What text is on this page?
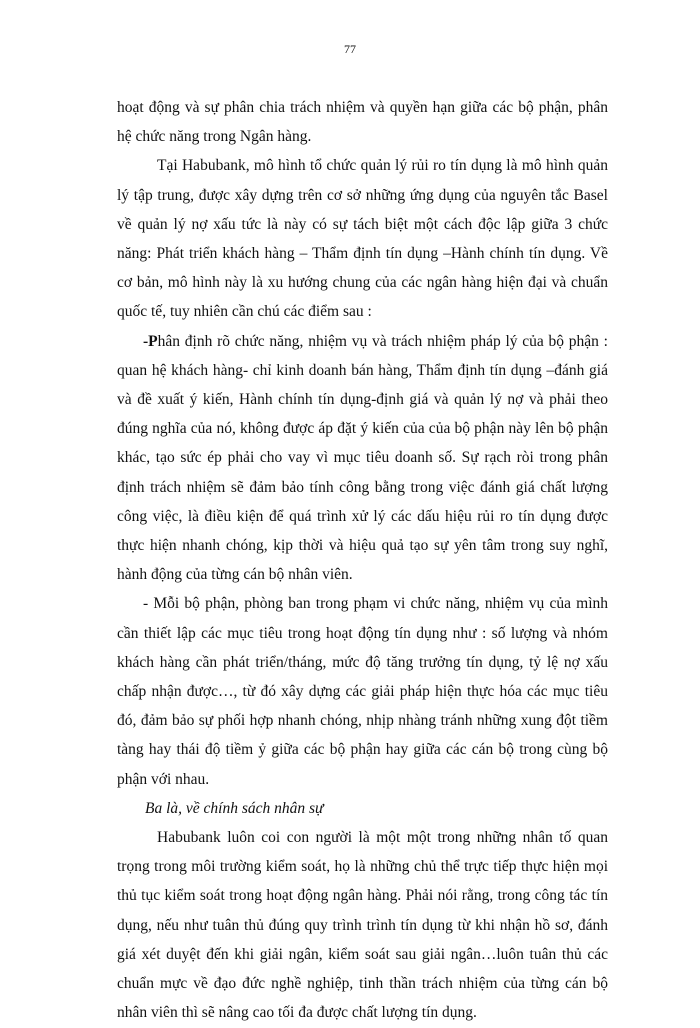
77

hoạt động và sự phân chia trách nhiệm và quyền hạn giữa các bộ phận, phân hệ chức năng trong Ngân hàng.

Tại Habubank, mô hình tổ chức quản lý rủi ro tín dụng là mô hình quản lý tập trung, được xây dựng trên cơ sở những ứng dụng của nguyên tắc Basel về quản lý nợ xấu tức là này có sự tách biệt một cách độc lập giữa 3 chức năng: Phát triển khách hàng – Thẩm định tín dụng –Hành chính tín dụng. Về cơ bản, mô hình này là xu hướng chung của các ngân hàng hiện đại và chuẩn quốc tế, tuy nhiên cần chú các điểm sau :

-Phân định rõ chức năng, nhiệm vụ và trách nhiệm pháp lý của bộ phận : quan hệ khách hàng- chỉ kinh doanh bán hàng, Thẩm định tín dụng –đánh giá và đề xuất ý kiến, Hành chính tín dụng-định giá và quản lý nợ và phải theo đúng nghĩa của nó, không được áp đặt ý kiến của của bộ phận này lên bộ phận khác, tạo sức ép phải cho vay vì mục tiêu doanh số. Sự rạch ròi trong phân định trách nhiệm sẽ đảm bảo tính công bằng trong việc đánh giá chất lượng công việc, là điều kiện để quá trình xử lý các dấu hiệu rủi ro tín dụng được thực hiện nhanh chóng, kịp thời và hiệu quả tạo sự yên tâm trong suy nghĩ, hành động của từng cán bộ nhân viên.

- Mỗi bộ phận, phòng ban trong phạm vi chức năng, nhiệm vụ của mình cần thiết lập các mục tiêu trong hoạt động tín dụng như : số lượng và nhóm khách hàng cần phát triển/tháng, mức độ tăng trưởng tín dụng, tỷ lệ nợ xấu chấp nhận được…, từ đó xây dựng các giải pháp hiện thực hóa các mục tiêu đó, đảm bảo sự phối hợp nhanh chóng, nhịp nhàng tránh những xung đột tiềm tàng hay thái độ tiềm ỷ giữa các bộ phận hay giữa các cán bộ trong cùng bộ phận với nhau.

Ba là, về chính sách nhân sự

Habubank luôn coi con người là một một trong những nhân tố quan trọng trong môi trường kiểm soát, họ là những chủ thể trực tiếp thực hiện mọi thủ tục kiểm soát trong hoạt động ngân hàng. Phải nói rằng, trong công tác tín dụng, nếu như tuân thủ đúng quy trình trình tín dụng từ khi nhận hồ sơ, đánh giá xét duyệt đến khi giải ngân, kiểm soát sau giải ngân…luôn tuân thủ các chuẩn mực về đạo đức nghề nghiệp, tinh thần trách nhiệm của từng cán bộ nhân viên thì sẽ nâng cao tối đa được chất lượng tín dụng.
